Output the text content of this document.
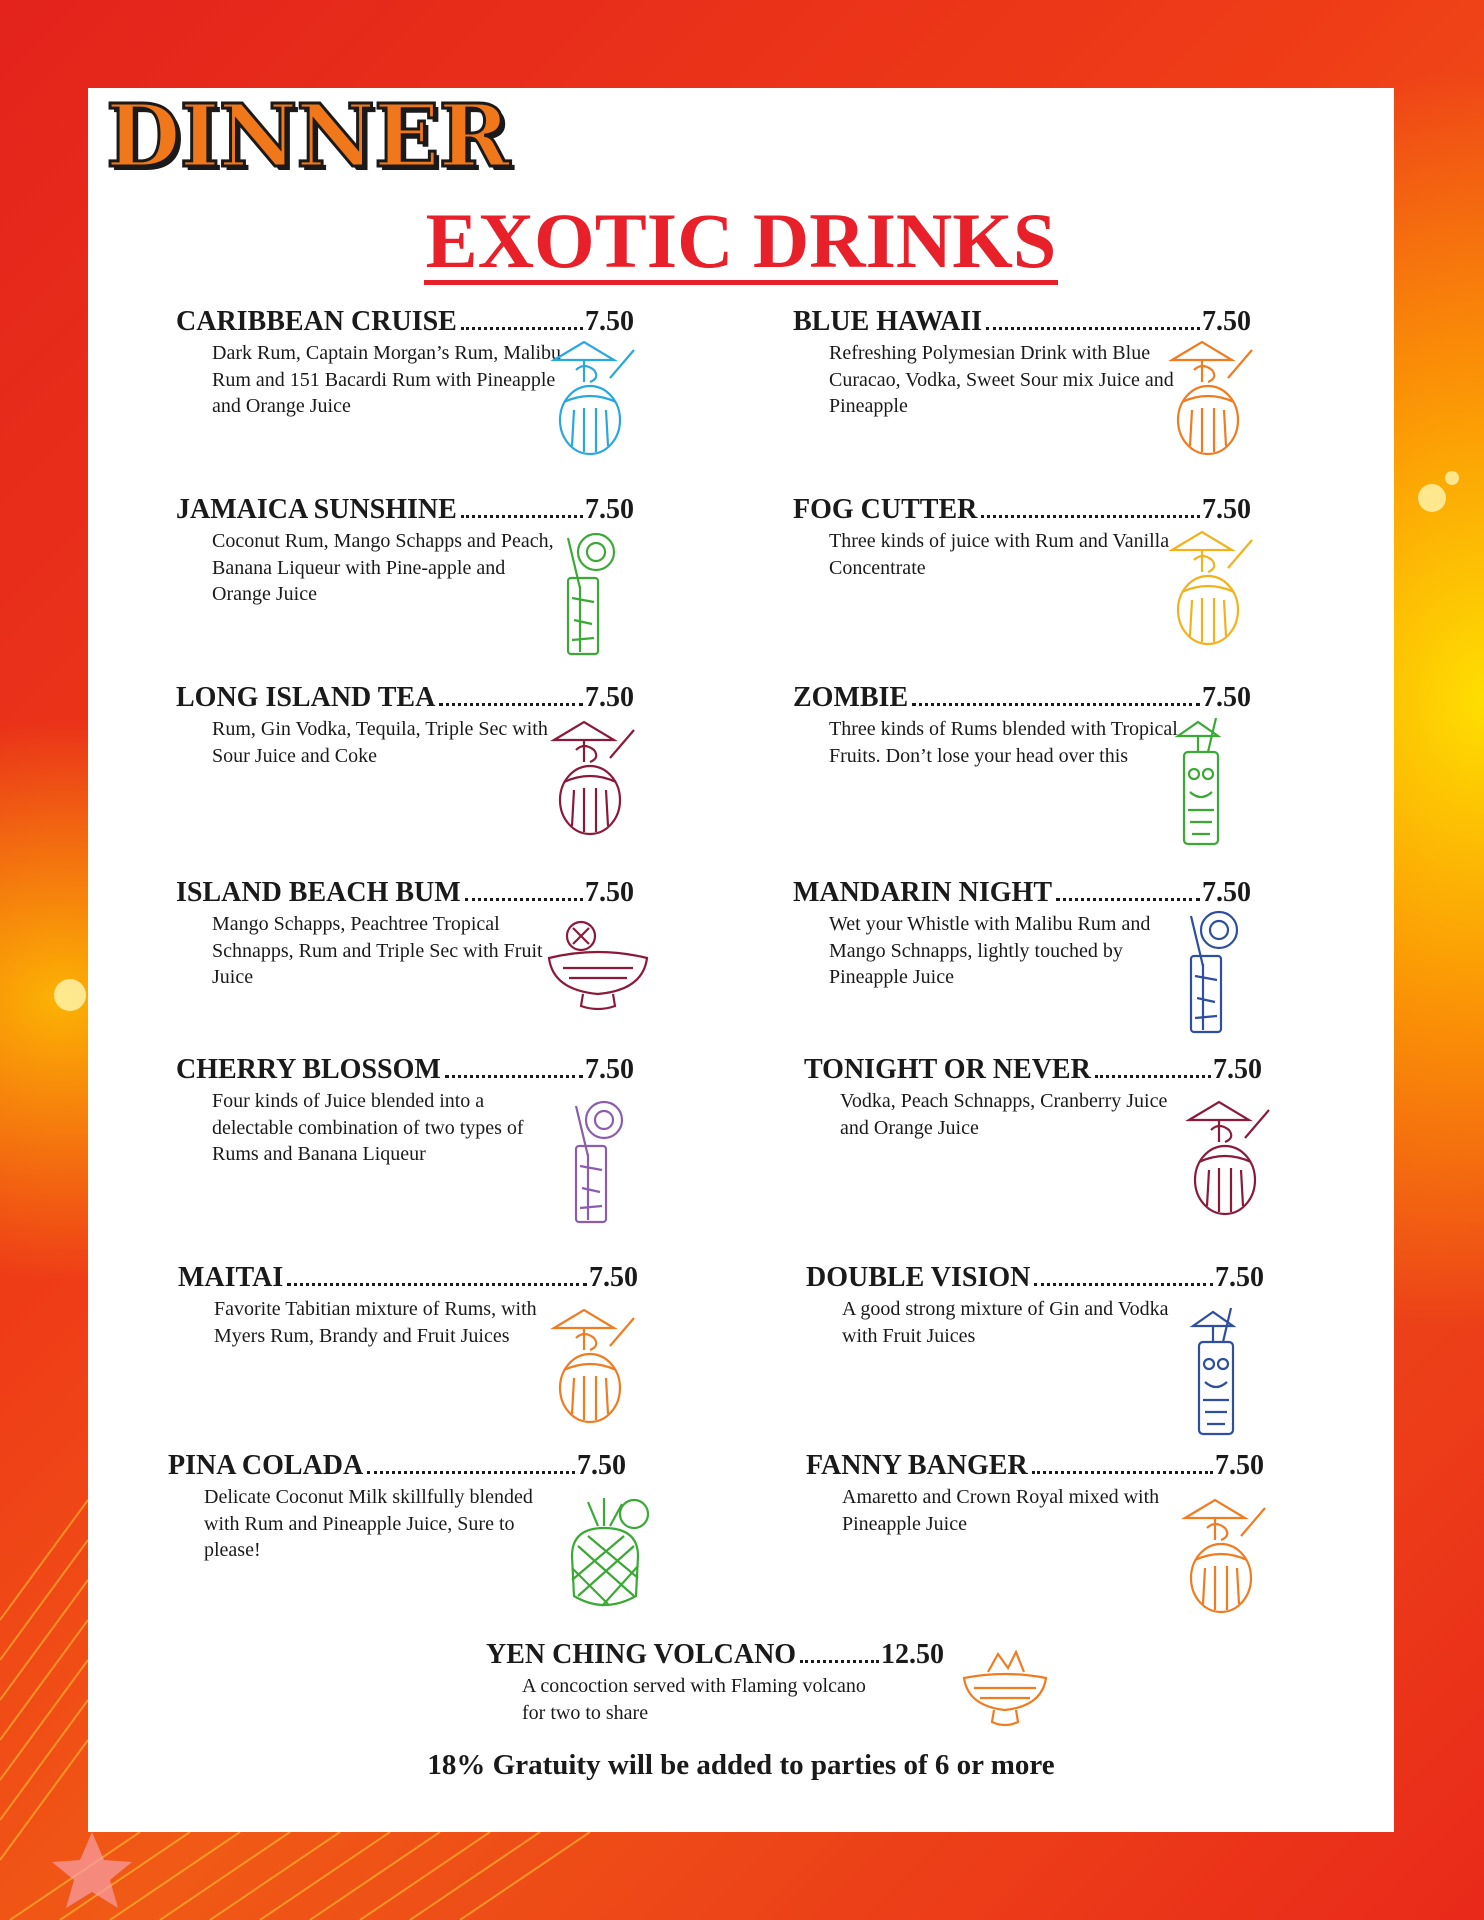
DINNER
EXOTIC DRINKS
CARIBBEAN CRUISE	7.50
Dark Rum, Captain Morgan’s Rum, Malibu Rum and 151 Bacardi Rum with Pineapple and Orange Juice
BLUE HAWAII	7.50
Refreshing Polymesian Drink with Blue Curacao, Vodka, Sweet Sour mix Juice and Pineapple
JAMAICA SUNSHINE	7.50
Coconut Rum, Mango Schapps and Peach, Banana Liqueur with Pine-apple and Orange Juice
FOG CUTTER	7.50
Three kinds of juice with Rum and Vanilla Concentrate
LONG ISLAND TEA	7.50
Rum, Gin Vodka, Tequila, Triple Sec with Sour Juice and Coke
ZOMBIE	7.50
Three kinds of Rums blended with Tropical Fruits. Don’t lose your head over this
ISLAND BEACH BUM	7.50
Mango Schapps, Peachtree Tropical Schnapps, Rum and Triple Sec with Fruit Juice
MANDARIN NIGHT	7.50
Wet your Whistle with Malibu Rum and Mango Schnapps, lightly touched by Pineapple Juice
CHERRY BLOSSOM	7.50
Four kinds of Juice blended into a delectable combination of two types of Rums and Banana Liqueur
TONIGHT OR NEVER	7.50
Vodka, Peach Schnapps, Cranberry Juice and Orange Juice
MAITAI	7.50
Favorite Tabitian mixture of Rums, with Myers Rum, Brandy and Fruit Juices
DOUBLE VISION	7.50
A good strong mixture of Gin and Vodka with Fruit Juices
PINA COLADA	7.50
Delicate Coconut Milk skillfully blended with Rum and Pineapple Juice, Sure to please!
FANNY BANGER	7.50
Amaretto and Crown Royal mixed with Pineapple Juice
YEN CHING VOLCANO	12.50
A concoction served with Flaming volcano for two to share

18% Gratuity will be added to parties of 6 or more
